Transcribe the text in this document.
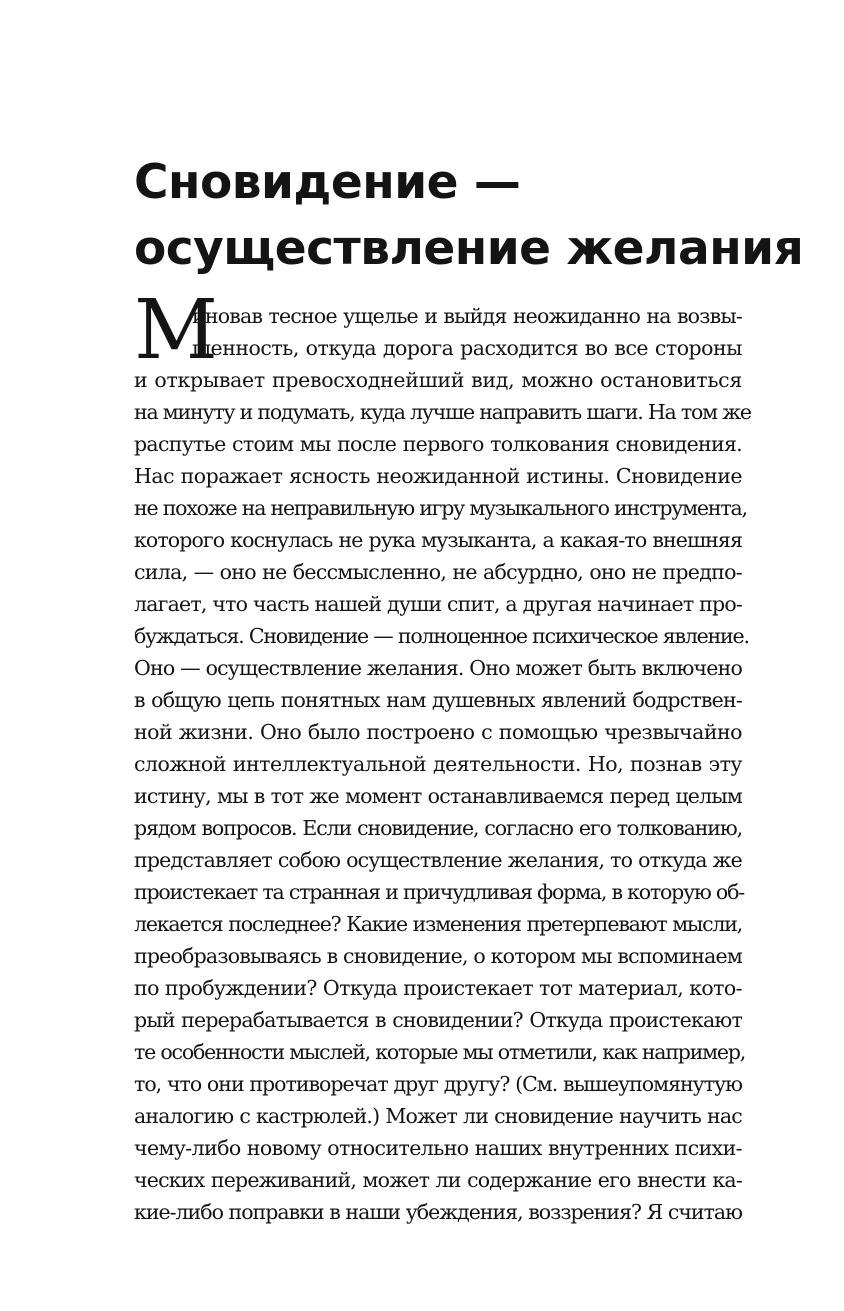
Сновидение —
осуществление желания
М
иновав тесное ущелье и выйдя неожиданно на возвы-
шенность, откуда дорога расходится во все стороны
и открывает превосходнейший вид, можно остановиться
на минуту и подумать, куда лучше направить шаги. На том же
распутье стоим мы после первого толкования сновидения.
Нас поражает ясность неожиданной истины. Сновидение
не похоже на неправильную игру музыкального инструмента,
которого коснулась не рука музыканта, а какая-то внешняя
сила, — оно не бессмысленно, не абсурдно, оно не предпо-
лагает, что часть нашей души спит, а другая начинает про-
буждаться. Сновидение — полноценное психическое явление.
Оно — осуществление желания. Оно может быть включено
в общую цепь понятных нам душевных явлений бодрствен-
ной жизни. Оно было построено с помощью чрезвычайно
сложной интеллектуальной деятельности. Но, познав эту
истину, мы в тот же момент останавливаемся перед целым
рядом вопросов. Если сновидение, согласно его толкованию,
представляет собою осуществление желания, то откуда же
проистекает та странная и причудливая форма, в которую об-
лекается последнее? Какие изменения претерпевают мысли,
преобразовываясь в сновидение, о котором мы вспоминаем
по пробуждении? Откуда проистекает тот материал, кото-
рый перерабатывается в сновидении? Откуда проистекают
те особенности мыслей, которые мы отметили, как например,
то, что они противоречат друг другу? (См. вышеупомянутую
аналогию с кастрюлей.) Может ли сновидение научить нас
чему-либо новому относительно наших внутренних психи-
ческих переживаний, может ли содержание его внести ка-
кие-либо поправки в наши убеждения, воззрения? Я считаю
